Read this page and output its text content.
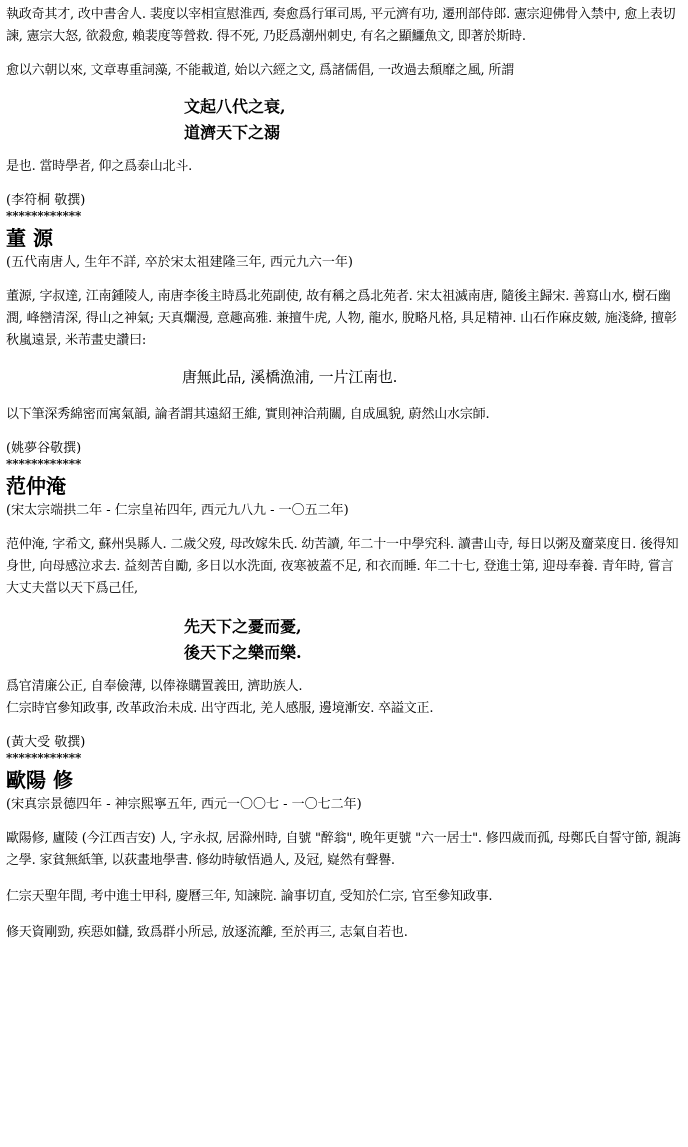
執政奇其才, 改中書舍人. 裴度以宰相宣慰淮西, 奏愈爲行軍司馬, 平元濟有功, 遷刑部侍郎. 憲宗迎佛骨入禁中, 愈上表切諫, 憲宗大怒, 欲殺愈, 賴裴度等營救. 得不死, 乃貶爲潮州刺史, 有名之顯鱷魚文, 即著於斯時.

愈以六朝以來, 文章專重詞藻, 不能載道, 始以六經之文, 爲諸儒倡, 一改過去頹靡之風, 所謂

文起八代之衰,
道濟天下之溺

是也. 當時學者, 仰之爲泰山北斗.

(李符桐 敬撰)

************

董 源

(五代南唐人, 生年不詳, 卒於宋太祖建隆三年, 西元九六一年)

董源, 字叔達, 江南鍾陵人, 南唐李後主時爲北苑副使, 故有稱之爲北苑者. 宋太祖滅南唐, 隨後主歸宋. 善寫山水, 樹石幽潤, 峰巒清深, 得山之神氣; 天真爛漫, 意趣高雅. 兼擅牛虎, 人物, 龍水, 脫略凡格, 具足精神. 山石作麻皮皴, 施淺絳, 擅彰秋嵐遠景, 米芾畫史讚曰:

唐無此品, 溪橋漁浦, 一片江南也.

以下筆深秀綿密而寓氣韻, 論者謂其遠紹王維, 實則神洽荊關, 自成風貌, 蔚然山水宗師.

(姚夢谷敬撰)

************

范仲淹

(宋太宗端拱二年 - 仁宗皇祐四年, 西元九八九 - 一〇五二年)

范仲淹, 字希文, 蘇州吳縣人. 二歲父歿, 母改嫁朱氏. 幼苦讀, 年二十一中學究科. 讀書山寺, 每日以粥及齏菜度日. 後得知身世, 向母感泣求去. 益刻苦自勵, 多日以水洗面, 夜寒被蓋不足, 和衣而睡. 年二十七, 登進士第, 迎母奉養. 青年時, 嘗言大丈夫當以天下爲己任,

先天下之憂而憂,
後天下之樂而樂.

爲官清廉公正, 自奉儉薄, 以俸祿購置義田, 濟助族人.

仁宗時官參知政事, 改革政治未成. 出守西北, 羌人感服, 邊境漸安. 卒謚文正.

(黃大受 敬撰)

************

歐陽 修

(宋真宗景德四年 - 神宗熙寧五年, 西元一〇〇七 - 一〇七二年)

歐陽修, 廬陵 (今江西吉安) 人, 字永叔, 居滁州時, 自號 "醉翁", 晚年更號 "六一居士". 修四歲而孤, 母鄭氏自誓守節, 親誨之學. 家貧無紙筆, 以荻畫地學書. 修幼時敏悟過人, 及冠, 嶷然有聲譽.

仁宗天聖年間, 考中進士甲科, 慶曆三年, 知諫院. 論事切直, 受知於仁宗, 官至參知政事.

修天資剛勁, 疾惡如讎, 致爲群小所忌, 放逐流離, 至於再三, 志氣自若也.
